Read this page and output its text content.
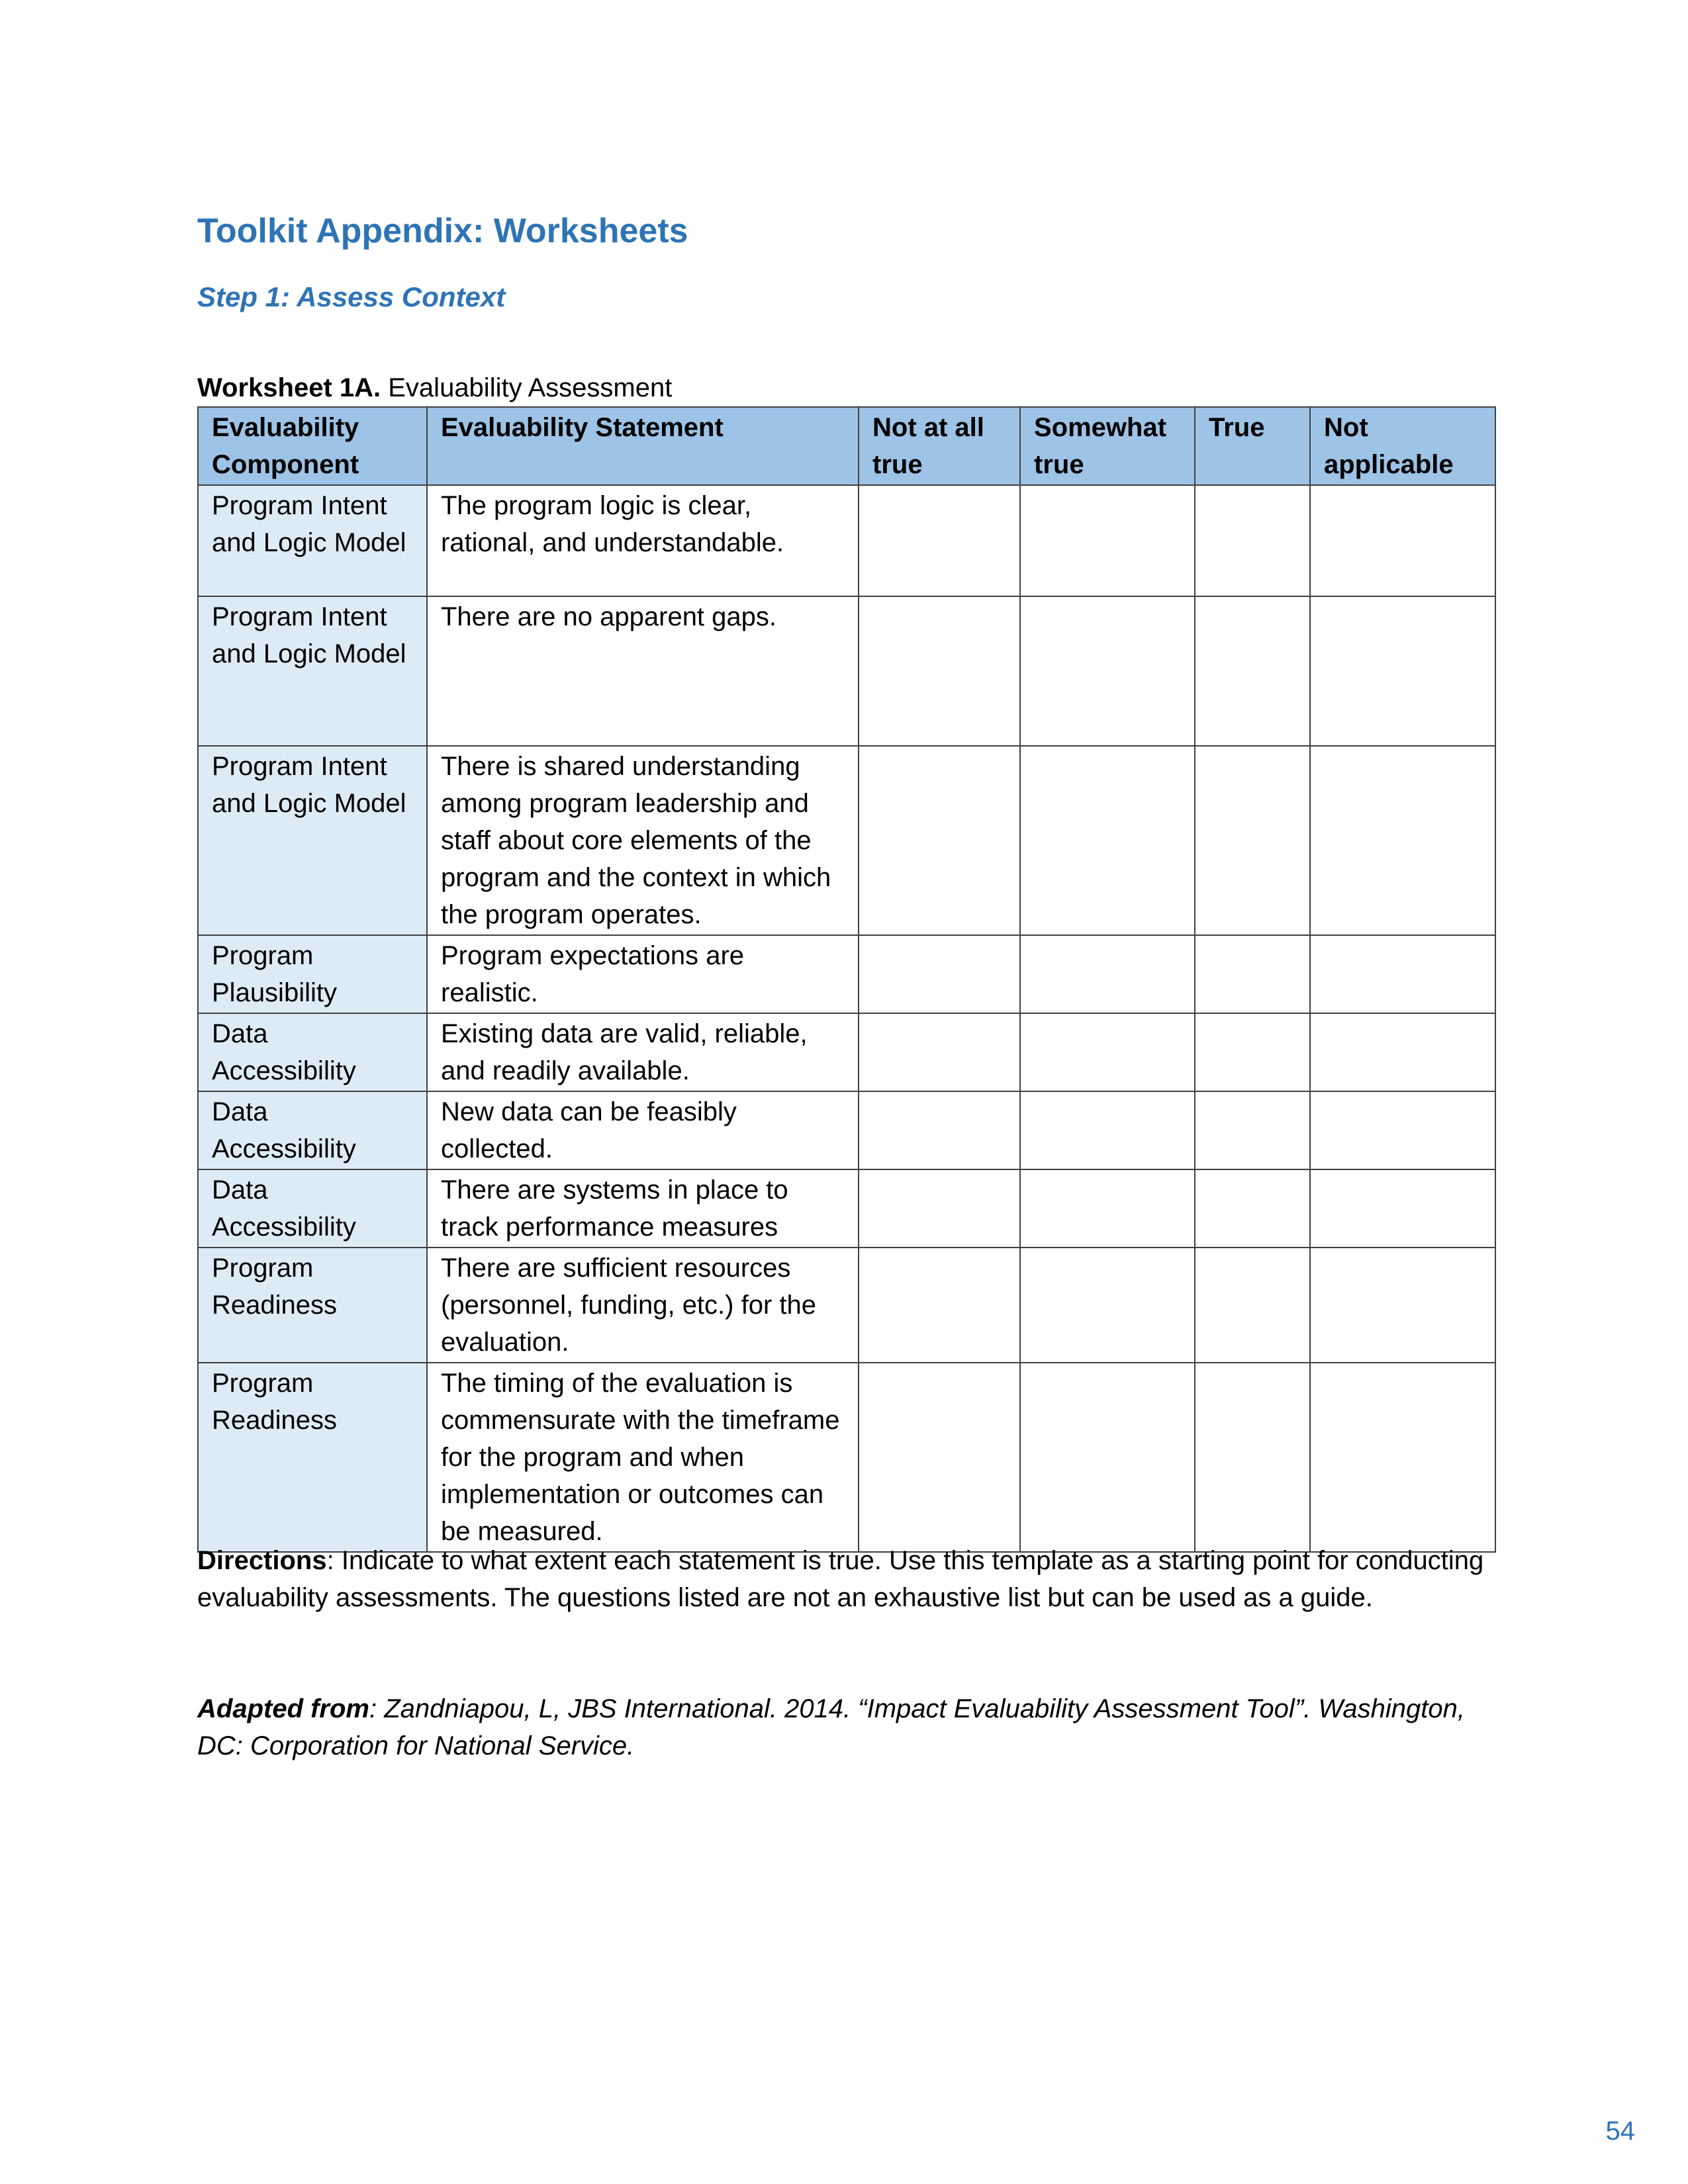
Toolkit Appendix: Worksheets
Step 1: Assess Context

Worksheet 1A. Evaluability Assessment

Evaluability Component	Evaluability Statement	Not at all true	Somewhat true	True	Not applicable
Program Intent and Logic Model	The program logic is clear, rational, and understandable.				
Program Intent and Logic Model	There are no apparent gaps.				
Program Intent and Logic Model	There is shared understanding among program leadership and staff about core elements of the program and the context in which the program operates.				
Program Plausibility	Program expectations are realistic.				
Data Accessibility	Existing data are valid, reliable, and readily available.				
Data Accessibility	New data can be feasibly collected.				
Data Accessibility	There are systems in place to track performance measures				
Program Readiness	There are sufficient resources (personnel, funding, etc.) for the evaluation.				
Program Readiness	The timing of the evaluation is commensurate with the timeframe for the program and when implementation or outcomes can be measured.				

Directions: Indicate to what extent each statement is true. Use this template as a starting point for conducting evaluability assessments. The questions listed are not an exhaustive list but can be used as a guide.

Adapted from: Zandniapou, L, JBS International. 2014. “Impact Evaluability Assessment Tool”. Washington, DC: Corporation for National Service.

54
